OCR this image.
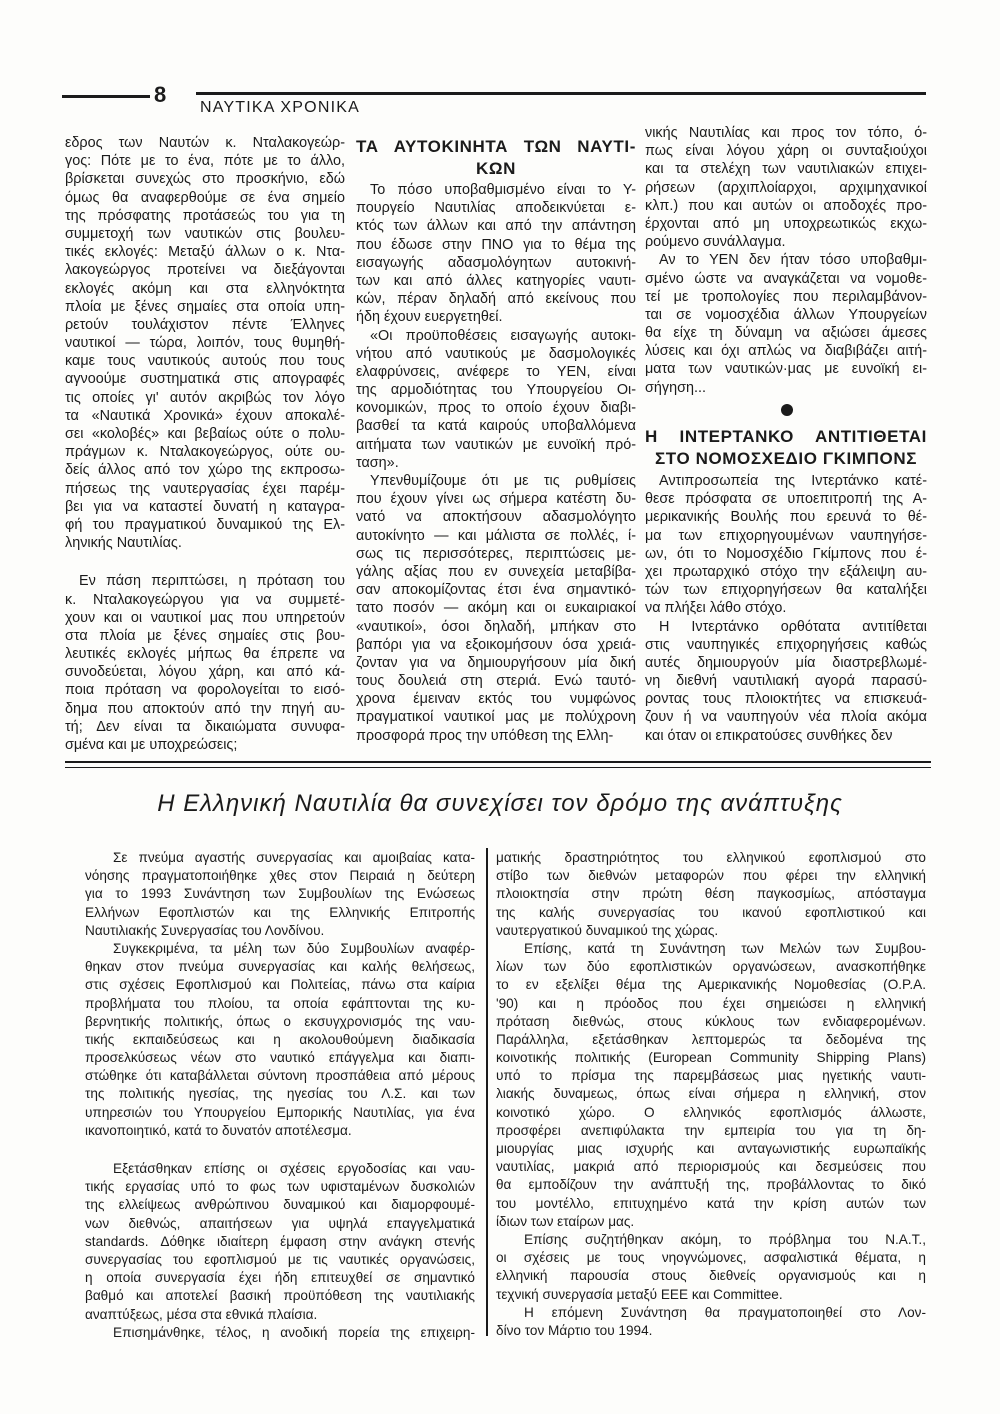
8
ΝΑΥΤΙΚΑ ΧΡΟΝΙΚΑ
εδρος των Ναυτών κ. Νταλακογεώρ-
γος: Πότε με το ένα, πότε με το άλλο,
βρίσκεται συνεχώς στο προσκήνιο, εδώ
όμως θα αναφερθούμε σε ένα σημείο
της πρόσφατης προτάσεώς του για τη
συμμετοχή των ναυτικών στις βουλευ-
τικές εκλογές: Μεταξύ άλλων ο κ. Ντα-
λακογεώργος προτείνει να διεξάγονται
εκλογές ακόμη και στα ελληνόκτητα
πλοία με ξένες σημαίες στα οποία υπη-
ρετούν τουλάχιστον πέντε Έλληνες
ναυτικοί — τώρα, λοιπόν, τους θυμηθή-
καμε τους ναυτικούς αυτούς που τους
αγνοούμε συστηματικά στις απογραφές
τις οποίες γι' αυτόν ακριβώς τον λόγο
τα «Ναυτικά Χρονικά» έχουν αποκαλέ-
σει «κολοβές» και βεβαίως ούτε ο πολυ-
πράγμων κ. Νταλακογεώργος, ούτε ου-
δείς άλλος από τον χώρο της εκπροσω-
πήσεως της ναυτεργασίας έχει παρέμ-
βει για να καταστεί δυνατή η καταγρα-
φή του πραγματικού δυναμικού της Ελ-
ληνικής Ναυτιλίας.
Εν πάση περιπτώσει, η πρόταση του
κ. Νταλακογεώργου για να συμμετέ-
χουν και οι ναυτικοί μας που υπηρετούν
στα πλοία με ξένες σημαίες στις βου-
λευτικές εκλογές μήπως θα έπρεπε να
συνοδεύεται, λόγου χάρη, και από κά-
ποια πρόταση να φορολογείται το εισό-
δημα που αποκτούν από την πηγή αυ-
τή; Δεν είναι τα δικαιώματα συνυφα-
σμένα και με υποχρεώσεις;
ΤΑ ΑΥΤΟΚΙΝΗΤΑ ΤΩΝ ΝΑΥΤΙ-
ΚΩΝ
Το πόσο υποβαθμισμένο είναι το Υ-
πουργείο Ναυτιλίας αποδεικνύεται ε-
κτός των άλλων και από την απάντηση
που έδωσε στην ΠΝΟ για το θέμα της
εισαγωγής αδασμολόγητων αυτοκινή-
των και από άλλες κατηγορίες ναυτι-
κών, πέραν δηλαδή από εκείνους που
ήδη έχουν ευεργετηθεί.
«Οι προϋποθέσεις εισαγωγής αυτοκι-
νήτου από ναυτικούς με δασμολογικές
ελαφρύνσεις, ανέφερε το ΥΕΝ, είναι
της αρμοδιότητας του Υπουργείου Οι-
κονομικών, προς το οποίο έχουν διαβι-
βασθεί τα κατά καιρούς υποβαλλόμενα
αιτήματα των ναυτικών με ευνοϊκή πρό-
ταση».
Υπενθυμίζουμε ότι με τις ρυθμίσεις
που έχουν γίνει ως σήμερα κατέστη δυ-
νατό να αποκτήσουν αδασμολόγητο
αυτοκίνητο — και μάλιστα σε πολλές, ί-
σως τις περισσότερες, περιπτώσεις με-
γάλης αξίας που εν συνεχεία μεταβίβα-
σαν αποκομίζοντας έτσι ένα σημαντικό-
τατο ποσόν — ακόμη και οι ευκαιριακοί
«ναυτικοί», όσοι δηλαδή, μπήκαν στο
βαπόρι για να εξοικομήσουν όσα χρειά-
ζονταν για να δημιουργήσουν μία δική
τους δουλειά στη στεριά. Ενώ ταυτό-
χρονα έμειναν εκτός του νυμφώνος
πραγματικοί ναυτικοί μας με πολύχρονη
προσφορά προς την υπόθεση της Ελλη-
νικής Ναυτιλίας και προς τον τόπο, ό-
πως είναι λόγου χάρη οι συνταξιούχοι
και τα στελέχη των ναυτιλιακών επιχει-
ρήσεων (αρχιπλοίαρχοι, αρχιμηχανικοί
κλπ.) που και αυτών οι αποδοχές προ-
έρχονται από μη υποχρεωτικώς εκχω-
ρούμενο συνάλλαγμα.
Αν το ΥΕΝ δεν ήταν τόσο υποβαθμι-
σμένο ώστε να αναγκάζεται να νομοθε-
τεί με τροπολογίες που περιλαμβάνον-
ται σε νομοσχέδια άλλων Υπουργείων
θα είχε τη δύναμη να αξιώσει άμεσες
λύσεις και όχι απλώς να διαβιβάζει αιτή-
ματα των ναυτικών·μας με ευνοϊκή ει-
σήγηση...
Η ΙΝΤΕΡΤΑΝΚΟ ΑΝΤΙΤΙΘΕΤΑΙ
ΣΤΟ ΝΟΜΟΣΧΕΔΙΟ ΓΚΙΜΠΟΝΣ
Αντιπροσωπεία της Ιντερτάνκο κατέ-
θεσε πρόσφατα σε υποεπιτροπή της Α-
μερικανικής Βουλής που ερευνά το θέ-
μα των επιχορηγουμένων ναυπηγήσε-
ων, ότι το Νομοσχέδιο Γκίμπονς που έ-
χει πρωταρχικό στόχο την εξάλειψη αυ-
τών των επιχορηγήσεων θα καταλήξει
να πλήξει λάθο στόχο.
Η Ιντερτάνκο ορθότατα αντιτίθεται
στις ναυπηγικές επιχορηγήσεις καθώς
αυτές δημιουργούν μία διαστρεβλωμέ-
νη διεθνή ναυτιλιακή αγορά παρασύ-
ροντας τους πλοιοκτήτες να επισκευά-
ζουν ή να ναυπηγούν νέα πλοία ακόμα
και όταν οι επικρατούσες συνθήκες δεν
Η Ελληνική Ναυτιλία θα συνεχίσει τον δρόμο της ανάπτυξης
Σε πνεύμα αγαστής συνεργασίας και αμοιβαίας κατα-
νόησης πραγματοποιήθηκε χθες στον Πειραιά η δεύτερη
για το 1993 Συνάντηση των Συμβουλίων της Ενώσεως
Ελλήνων Εφοπλιστών και της Ελληνικής Επιτροπής
Ναυτιλιακής Συνεργασίας του Λονδίνου.
Συγκεκριμένα, τα μέλη των δύο Συμβουλίων αναφέρ-
θηκαν στον πνεύμα συνεργασίας και καλής θελήσεως,
στις σχέσεις Εφοπλισμού και Πολιτείας, πάνω στα καίρια
προβλήματα του πλοίου, τα οποία εφάπτονται της κυ-
βερνητικής πολιτικής, όπως ο εκσυγχρονισμός της ναυ-
τικής εκπαιδεύσεως και η ακολουθούμενη διαδικασία
προσελκύσεως νέων στο ναυτικό επάγγελμα και διαπι-
στώθηκε ότι καταβάλλεται σύντονη προσπάθεια από μέρους
της πολιτικής ηγεσίας, της ηγεσίας του Λ.Σ. και των
υπηρεσιών του Υπουργείου Εμπορικής Ναυτιλίας, για ένα
ικανοποιητικό, κατά το δυνατόν αποτέλεσμα.
Εξετάσθηκαν επίσης οι σχέσεις εργοδοσίας και ναυ-
τικής εργασίας υπό το φως των υφισταμένων δυσκολιών
της ελλείψεως ανθρώπινου δυναμικού και διαμορφουμέ-
νων διεθνώς, απαιτήσεων για υψηλά επαγγελματικά
standards. Δόθηκε ιδιαίτερη έμφαση στην ανάγκη στενής
συνεργασίας του εφοπλισμού με τις ναυτικές οργανώσεις,
η οποία συνεργασία έχει ήδη επιτευχθεί σε σημαντικό
βαθμό και αποτελεί βασική προϋπόθεση της ναυτιλιακής
αναπτύξεως, μέσα στα εθνικά πλαίσια.
Επισημάνθηκε, τέλος, η ανοδική πορεία της επιχειρη-
ματικής δραστηριότητος του ελληνικού εφοπλισμού στο
στίβο των διεθνών μεταφορών που φέρει την ελληνική
πλοιοκτησία στην πρώτη θέση παγκοσμίως, απόσταγμα
της καλής συνεργασίας του ικανού εφοπλιστικού και
ναυτεργατικού δυναμικού της χώρας.
Επίσης, κατά τη Συνάντηση των Μελών των Συμβου-
λίων των δύο εφοπλιστικών οργανώσεων, ανασκοπήθηκε
το εν εξελίξει θέμα της Αμερικανικής Νομοθεσίας (O.P.A.
'90) και η πρόοδος που έχει σημειώσει η ελληνική
πρόταση διεθνώς, στους κύκλους των ενδιαφερομένων.
Παράλληλα, εξετάσθηκαν λεπτομερώς τα δεδομένα της
κοινοτικής πολιτικής (European Community Shipping Plans)
υπό το πρίσμα της παρεμβάσεως μιας ηγετικής ναυτι-
λιακής δυναμεως, όπως είναι σήμερα η ελληνική, στον
κοινοτικό χώρο. Ο ελληνικός εφοπλισμός άλλωστε,
προσφέρει ανεπιφύλακτα την εμπειρία του για τη δη-
μιουργίας μιας ισχυρής και ανταγωνιστικής ευρωπαϊκής
ναυτιλίας, μακριά από περιορισμούς και δεσμεύσεις που
θα εμποδίζουν την ανάπτυξή της, προβάλλοντας το δικό
του μοντέλλο, επιτυχημένο κατά την κρίση αυτών των
ίδιων των εταίρων μας.
Επίσης συζητήθηκαν ακόμη, το πρόβλημα του N.A.T.,
οι σχέσεις με τους νηογνώμονες, ασφαλιστικά θέματα, η
ελληνική παρουσία στους διεθνείς οργανισμούς και η
τεχνική συνεργασία μεταξύ ΕΕΕ και Committee.
Η επόμενη Συνάντηση θα πραγματοποιηθεί στο Λον-
δίνο τον Μάρτιο του 1994.
